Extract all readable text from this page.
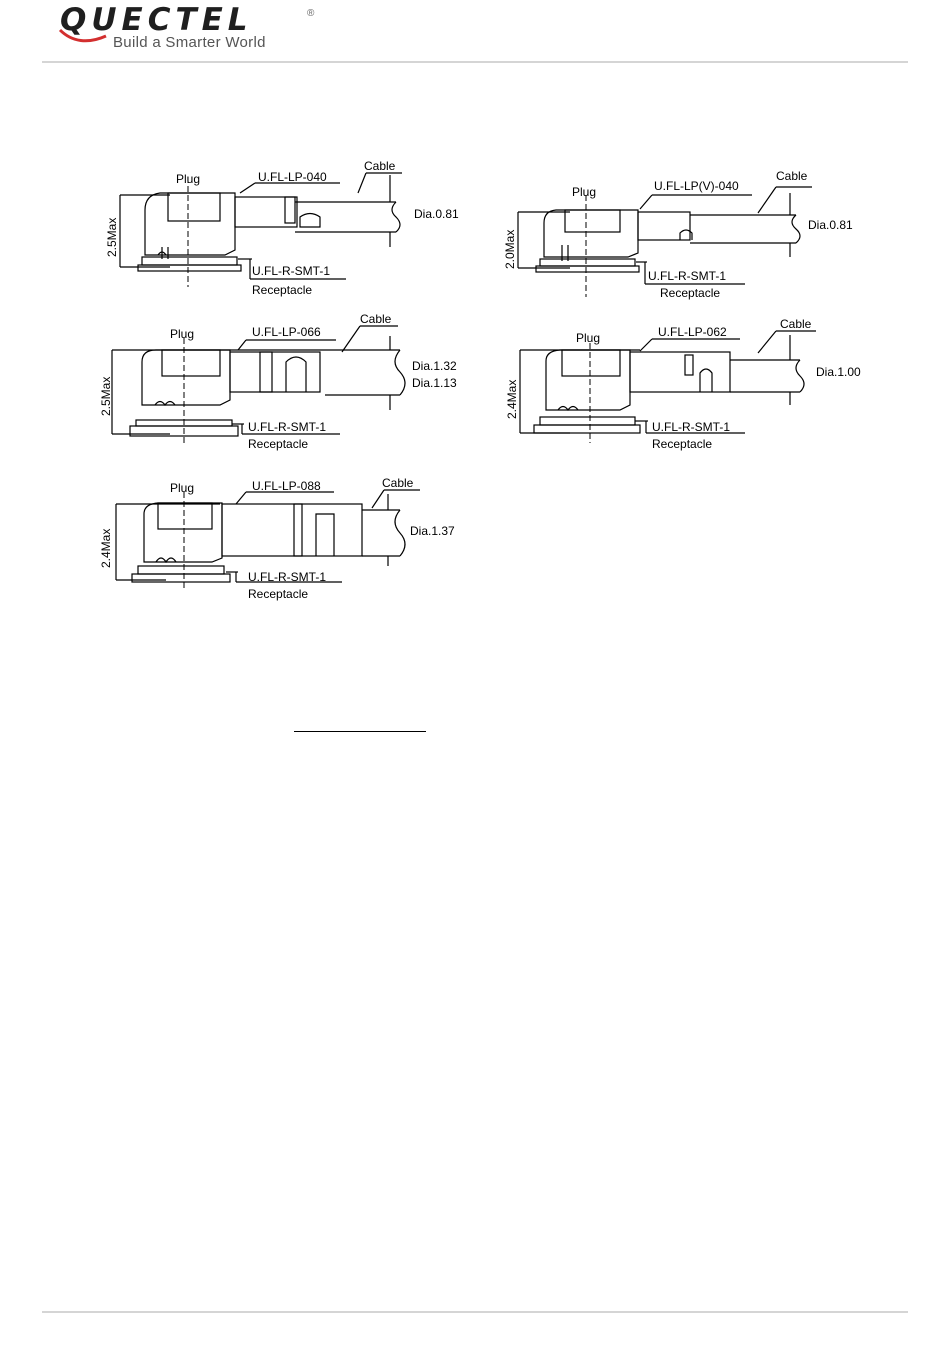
QUECTEL	®
Build a Smarter World
Plug	U.FL-LP-040
Cable
Dia.0.81
2.5Max
U.FL-R-SMT-1
Receptacle
Plug	U.FL-LP(V)-040
Cable
Dia.0.81
2.0Max
U.FL-R-SMT-1
Receptacle
Plug	U.FL-LP-066
Cable
Dia.1.32
Dia.1.13
2.5Max
U.FL-R-SMT-1
Receptacle
Plug	U.FL-LP-062
Cable
Dia.1.00
2.4Max
U.FL-R-SMT-1
Receptacle
Plug	U.FL-LP-088	Cable
Dia.1.37
2.4Max
U.FL-R-SMT-1
Receptacle
